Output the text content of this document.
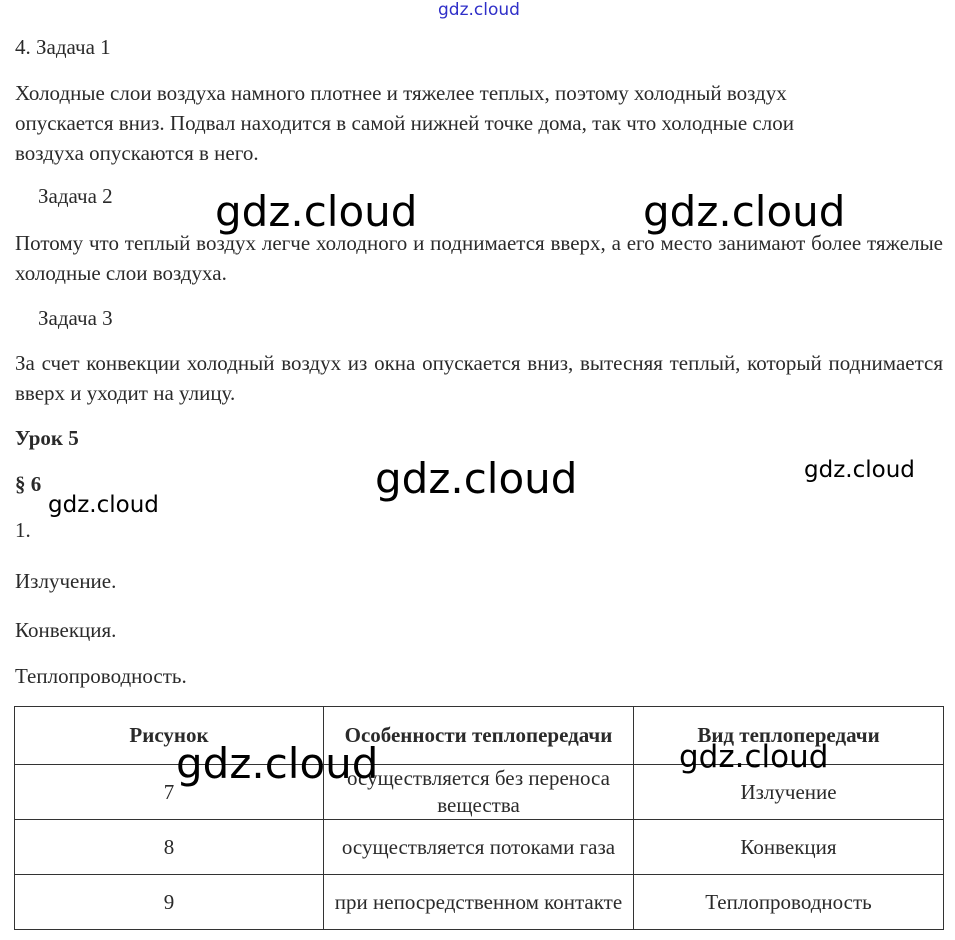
gdz.cloud
4. Задача 1
Холодные слои воздуха намного плотнее и тяжелее теплых, поэтому холодный воздух
опускается вниз. Подвал находится в самой нижней точке дома, так что холодные слои
воздуха опускаются в него.
Задача 2

Потому что теплый воздух легче холодного и поднимается вверх, а его место занимают более тяжелые холодные слои воздуха.

Задача 3

За счет конвекции холодный воздух из окна опускается вниз, вытесняя теплый, который поднимается вверх и уходит на улицу.

Урок 5
§ 6
1.
Излучение.
Конвекция.
Теплопроводность.
Рисунок	Особенности теплопередачи	Вид теплопередачи
7	осуществляется без переноса вещества	Излучение
8	осуществляется потоками газа	Конвекция
9	при непосредственном контакте	Теплопроводность
gdz.cloud	gdz.cloud
gdz.cloud	gdz.cloud
gdz.cloud
gdz.cloud	gdz.cloud
